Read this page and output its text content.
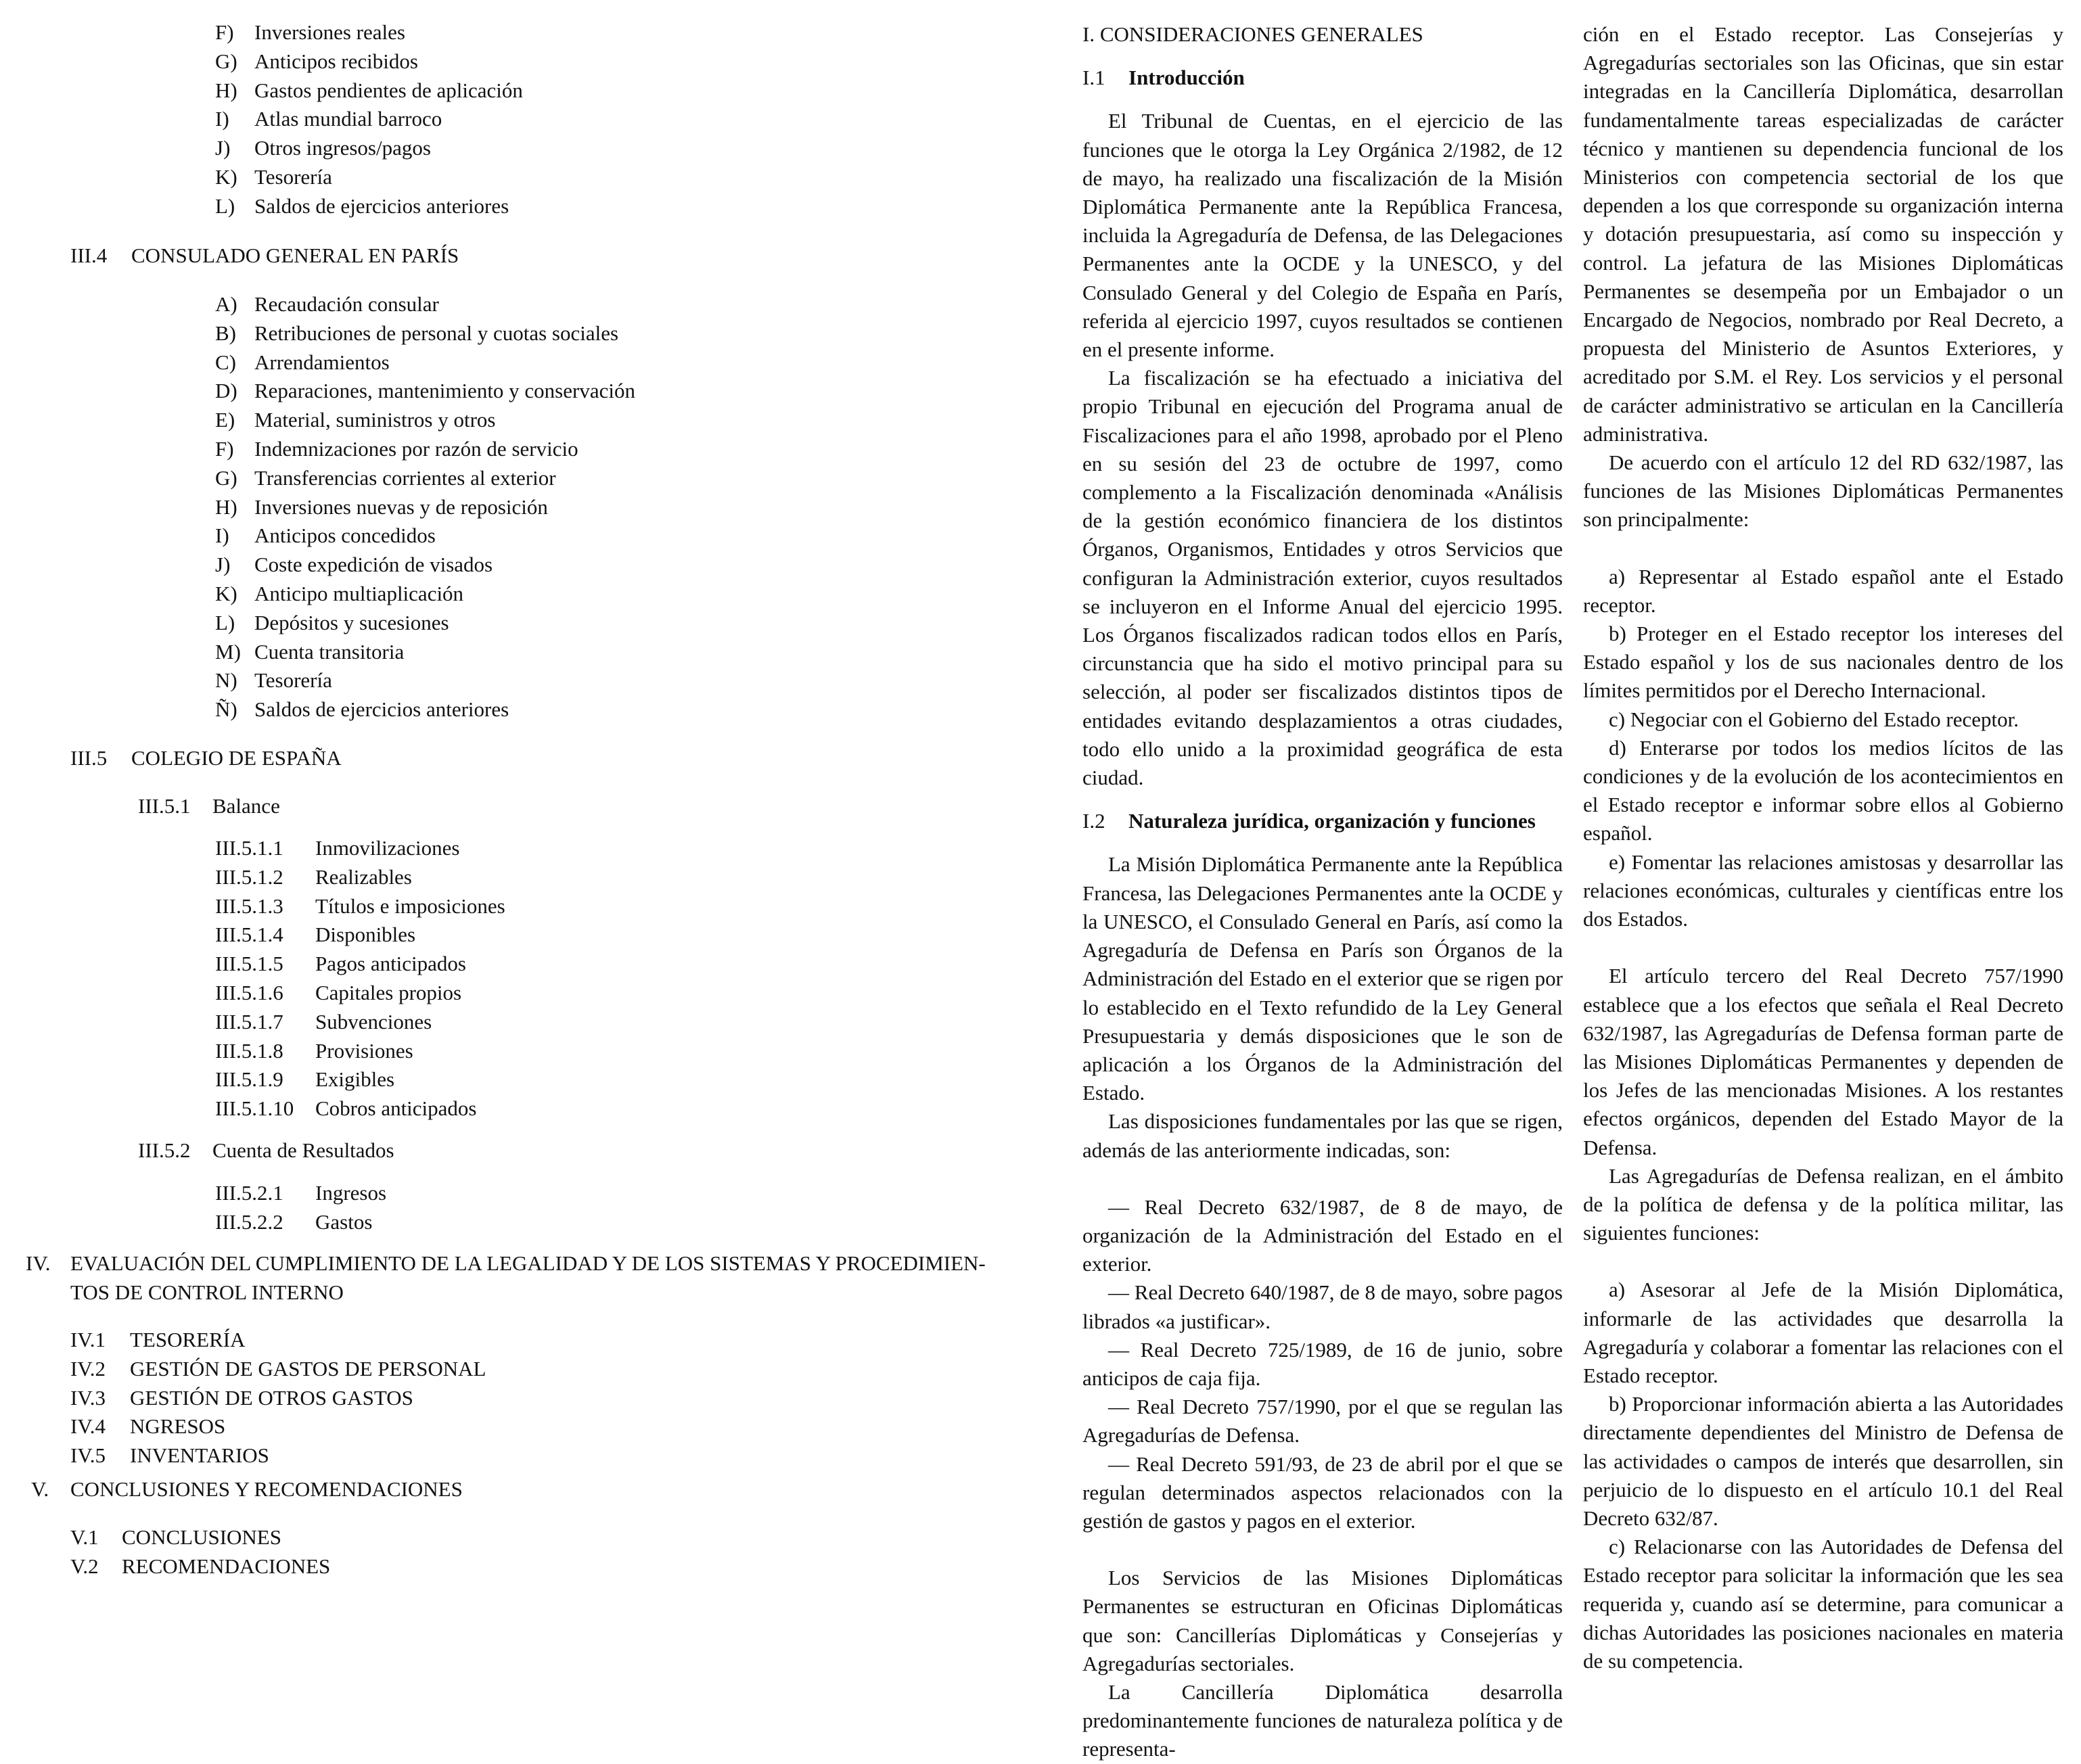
F) Inversiones reales
G) Anticipos recibidos
H) Gastos pendientes de aplicación
I) Atlas mundial barroco
J) Otros ingresos/pagos
K) Tesorería
L) Saldos de ejercicios anteriores
III.4 CONSULADO GENERAL EN PARÍS
A) Recaudación consular
B) Retribuciones de personal y cuotas sociales
C) Arrendamientos
D) Reparaciones, mantenimiento y conservación
E) Material, suministros y otros
F) Indemnizaciones por razón de servicio
G) Transferencias corrientes al exterior
H) Inversiones nuevas y de reposición
I) Anticipos concedidos
J) Coste expedición de visados
K) Anticipo multiaplicación
L) Depósitos y sucesiones
M) Cuenta transitoria
N) Tesorería
Ñ) Saldos de ejercicios anteriores
III.5 COLEGIO DE ESPAÑA
III.5.1 Balance
III.5.1.1 Inmovilizaciones
III.5.1.2 Realizables
III.5.1.3 Títulos e imposiciones
III.5.1.4 Disponibles
III.5.1.5 Pagos anticipados
III.5.1.6 Capitales propios
III.5.1.7 Subvenciones
III.5.1.8 Provisiones
III.5.1.9 Exigibles
III.5.1.10 Cobros anticipados
III.5.2 Cuenta de Resultados
III.5.2.1 Ingresos
III.5.2.2 Gastos
IV. EVALUACIÓN DEL CUMPLIMIENTO DE LA LEGALIDAD Y DE LOS SISTEMAS Y PROCEDIMIEN-
TOS DE CONTROL INTERNO
IV.1 TESORERÍA
IV.2 GESTIÓN DE GASTOS DE PERSONAL
IV.3 GESTIÓN DE OTROS GASTOS
IV.4 NGRESOS
IV.5 INVENTARIOS
V. CONCLUSIONES Y RECOMENDACIONES
V.1 CONCLUSIONES
V.2 RECOMENDACIONES
I. CONSIDERACIONES GENERALES
I.1 Introducción

El Tribunal de Cuentas, en el ejercicio de las funciones que le otorga la Ley Orgánica 2/1982, de 12 de mayo, ha realizado una fiscalización de la Misión Diplomática Permanente ante la República Francesa, incluida la Agregaduría de Defensa, de las Delegaciones Permanentes ante la OCDE y la UNESCO, y del Consulado General y del Colegio de España en París, referida al ejercicio 1997, cuyos resultados se contienen en el presente informe.

La fiscalización se ha efectuado a iniciativa del propio Tribunal en ejecución del Programa anual de Fiscalizaciones para el año 1998, aprobado por el Pleno en su sesión del 23 de octubre de 1997, como complemento a la Fiscalización denominada «Análisis de la gestión económico financiera de los distintos Órganos, Organismos, Entidades y otros Servicios que configuran la Administración exterior, cuyos resultados se incluyeron en el Informe Anual del ejercicio 1995. Los Órganos fiscalizados radican todos ellos en París, circunstancia que ha sido el motivo principal para su selección, al poder ser fiscalizados distintos tipos de entidades evitando desplazamientos a otras ciudades, todo ello unido a la proximidad geográfica de esta ciudad.

I.2 Naturaleza jurídica, organización y funciones

La Misión Diplomática Permanente ante la República Francesa, las Delegaciones Permanentes ante la OCDE y la UNESCO, el Consulado General en París, así como la Agregaduría de Defensa en París son Órganos de la Administración del Estado en el exterior que se rigen por lo establecido en el Texto refundido de la Ley General Presupuestaria y demás disposiciones que le son de aplicación a los Órganos de la Administración del Estado.

Las disposiciones fundamentales por las que se rigen, además de las anteriormente indicadas, son:

— Real Decreto 632/1987, de 8 de mayo, de organización de la Administración del Estado en el exterior.

— Real Decreto 640/1987, de 8 de mayo, sobre pagos librados «a justificar».

— Real Decreto 725/1989, de 16 de junio, sobre anticipos de caja fija.

— Real Decreto 757/1990, por el que se regulan las Agregadurías de Defensa.

— Real Decreto 591/93, de 23 de abril por el que se regulan determinados aspectos relacionados con la gestión de gastos y pagos en el exterior.

Los Servicios de las Misiones Diplomáticas Permanentes se estructuran en Oficinas Diplomáticas que son: Cancillerías Diplomáticas y Consejerías y Agregadurías sectoriales.

La Cancillería Diplomática desarrolla predominantemente funciones de naturaleza política y de representa-

ción en el Estado receptor. Las Consejerías y Agregadurías sectoriales son las Oficinas, que sin estar integradas en la Cancillería Diplomática, desarrollan fundamentalmente tareas especializadas de carácter técnico y mantienen su dependencia funcional de los Ministerios con competencia sectorial de los que dependen a los que corresponde su organización interna y dotación presupuestaria, así como su inspección y control. La jefatura de las Misiones Diplomáticas Permanentes se desempeña por un Embajador o un Encargado de Negocios, nombrado por Real Decreto, a propuesta del Ministerio de Asuntos Exteriores, y acreditado por S.M. el Rey. Los servicios y el personal de carácter administrativo se articulan en la Cancillería administrativa.

De acuerdo con el artículo 12 del RD 632/1987, las funciones de las Misiones Diplomáticas Permanentes son principalmente:

a) Representar al Estado español ante el Estado receptor.

b) Proteger en el Estado receptor los intereses del Estado español y los de sus nacionales dentro de los límites permitidos por el Derecho Internacional.

c) Negociar con el Gobierno del Estado receptor.

d) Enterarse por todos los medios lícitos de las condiciones y de la evolución de los acontecimientos en el Estado receptor e informar sobre ellos al Gobierno español.

e) Fomentar las relaciones amistosas y desarrollar las relaciones económicas, culturales y científicas entre los dos Estados.

El artículo tercero del Real Decreto 757/1990 establece que a los efectos que señala el Real Decreto 632/1987, las Agregadurías de Defensa forman parte de las Misiones Diplomáticas Permanentes y dependen de los Jefes de las mencionadas Misiones. A los restantes efectos orgánicos, dependen del Estado Mayor de la Defensa.

Las Agregadurías de Defensa realizan, en el ámbito de la política de defensa y de la política militar, las siguientes funciones:

a) Asesorar al Jefe de la Misión Diplomática, informarle de las actividades que desarrolla la Agregaduría y colaborar a fomentar las relaciones con el Estado receptor.

b) Proporcionar información abierta a las Autoridades directamente dependientes del Ministro de Defensa de las actividades o campos de interés que desarrollen, sin perjuicio de lo dispuesto en el artículo 10.1 del Real Decreto 632/87.

c) Relacionarse con las Autoridades de Defensa del Estado receptor para solicitar la información que les sea requerida y, cuando así se determine, para comunicar a dichas Autoridades las posiciones nacionales en materia de su competencia.
